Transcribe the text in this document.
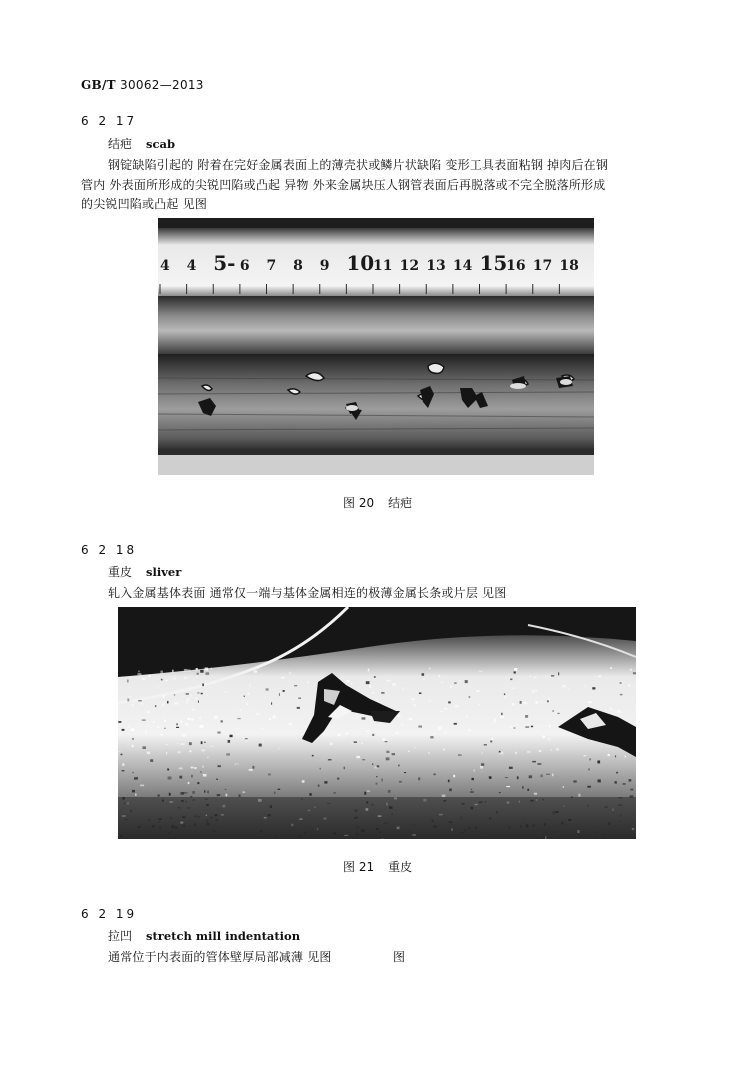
GB/T 30062—2013
6 2 17
结疤 scab
钢锭缺陷引起的 附着在完好金属表面上的薄壳状或鳞片状缺陷 变形工具表面粘钢 掉肉后在钢
管内 外表面所形成的尖锐凹陷或凸起 异物 外来金属块压人钢管表面后再脱落或不完全脱落所形成
的尖锐凹陷或凸起 见图
4 4 5- 6 7 8 9 10
11 12 13 14 15
16 17 18
图 20 结疤
6 2 18
重皮 sliver
轧入金属基体表面 通常仅一端与基体金属相连的极薄金属长条或片层 见图
图 21 重皮
6 2 19
拉凹 stretch mill indentation
通常位于内表面的管体壁厚局部减薄 见图	图
